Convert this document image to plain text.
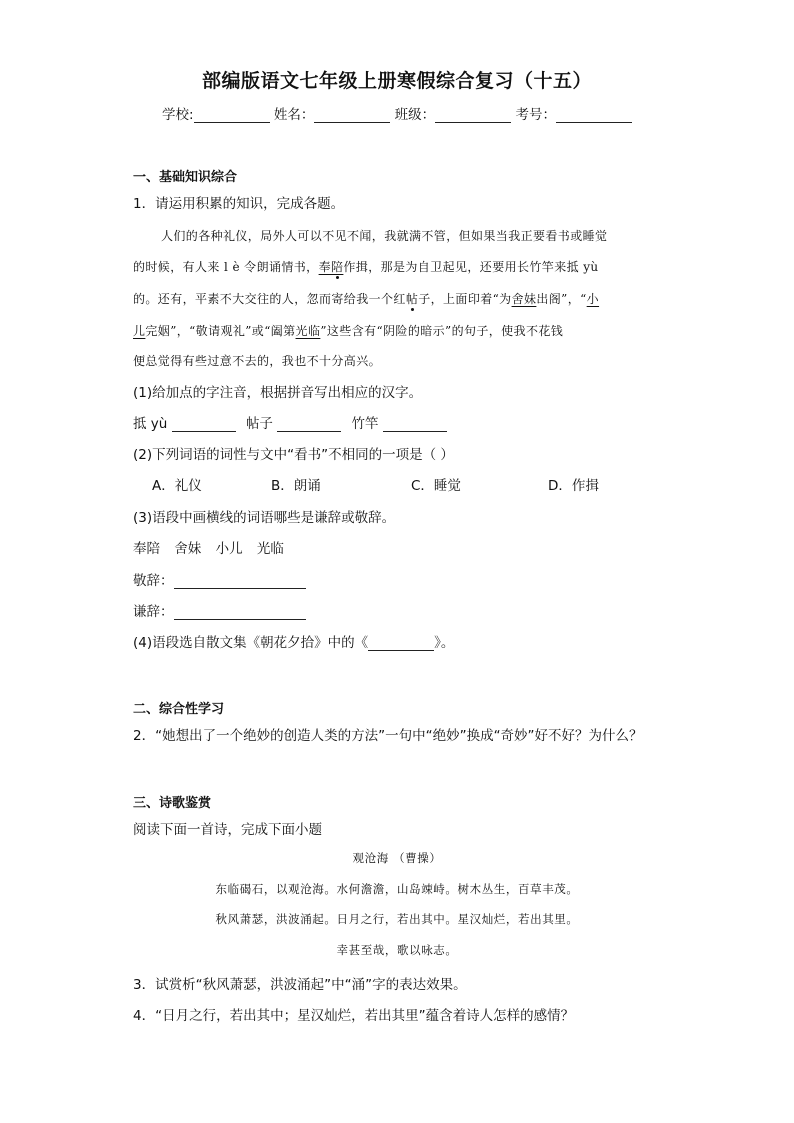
部编版语文七年级上册寒假综合复习（十五）
学校:	姓名：	班级：	考号：
一、基础知识综合
1．请运用积累的知识，完成各题。
人们的各种礼仪，局外人可以不见不闻，我就满不管，但如果当我正要看书或睡觉
的时候，有人来 l è 令朗诵情书，奉陪作揖，那是为自卫起见，还要用长竹竿来抵 yù
的。还有，平素不大交往的人，忽而寄给我一个红帖子，上面印着“为舍妹出阁”，“小
儿完姻”，“敬请观礼”或“阖第光临”这些含有“阴险的暗示”的句子，使我不花钱
便总觉得有些过意不去的，我也不十分高兴。
(1)给加点的字注音，根据拼音写出相应的汉字。
抵 yù	帖子	竹竿
(2)下列词语的词性与文中“看书”不相同的一项是（ ）
A．礼仪	B．朗诵	C．睡觉	D．作揖
(3)语段中画横线的词语哪些是谦辞或敬辞。
奉陪 舍妹 小儿 光临
敬辞：
谦辞：
(4)语段选自散文集《朝花夕拾》中的《	》。
二、综合性学习
2．“她想出了一个绝妙的创造人类的方法”一句中“绝妙”换成“奇妙”好不好？为什么？
三、诗歌鉴赏
阅读下面一首诗，完成下面小题
观沧海 （曹操）
东临碣石，以观沧海。水何澹澹，山岛竦峙。树木丛生，百草丰茂。
秋风萧瑟，洪波涌起。日月之行，若出其中。星汉灿烂，若出其里。
幸甚至哉，歌以咏志。
3．试赏析“秋风萧瑟，洪波涌起”中“涌”字的表达效果。
4．“日月之行，若出其中；星汉灿烂，若出其里”蕴含着诗人怎样的感情？
